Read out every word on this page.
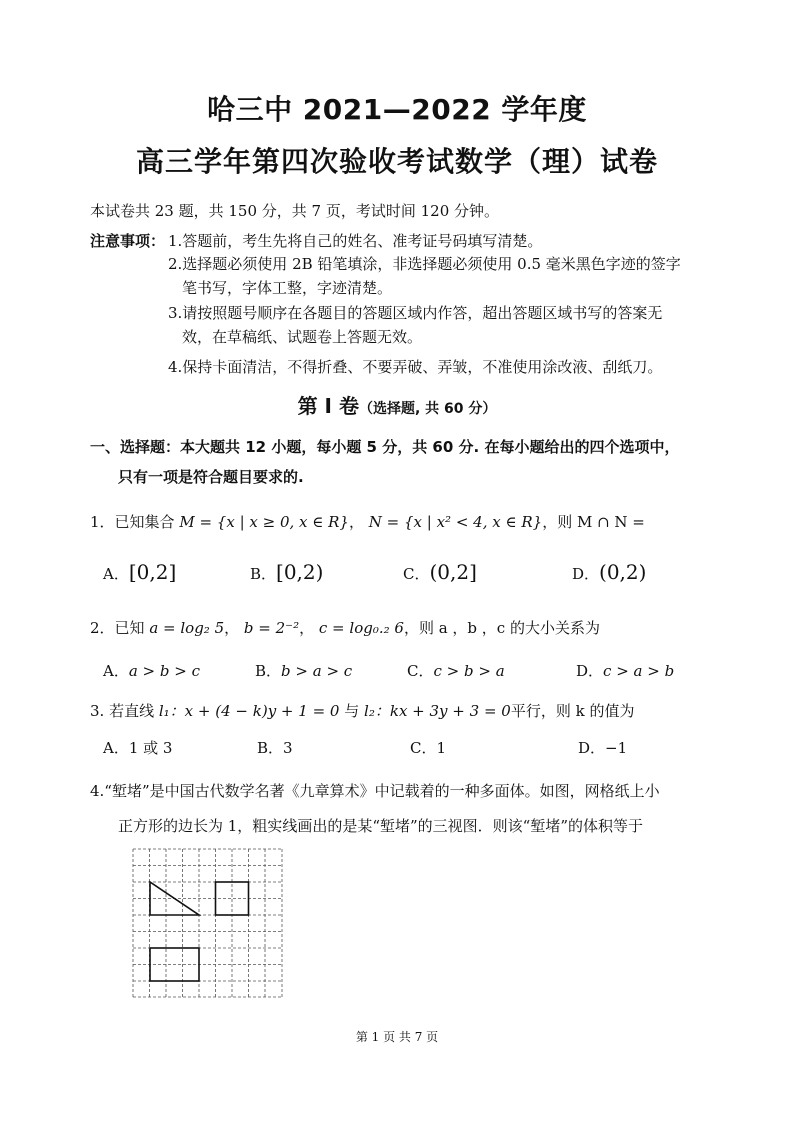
哈三中 2021—2022 学年度
高三学年第四次验收考试数学（理）试卷
本试卷共 23 题，共 150 分，共 7 页，考试时间 120 分钟。
注意事项： 1.答题前，考生先将自己的姓名、准考证号码填写清楚。
2.选择题必须使用 2B 铅笔填涂，非选择题必须使用 0.5 毫米黑色字迹的签字
笔书写，字体工整，字迹清楚。
3.请按照题号顺序在各题目的答题区域内作答，超出答题区域书写的答案无
效，在草稿纸、试题卷上答题无效。
4.保持卡面清洁，不得折叠、不要弄破、弄皱，不准使用涂改液、刮纸刀。
第 I 卷（选择题, 共 60 分）
一、选择题：本大题共 12 小题，每小题 5 分，共 60 分. 在每小题给出的四个选项中，
只有一项是符合题目要求的.
1．已知集合 M = {x | x ≥ 0, x ∈ R}， N = {x | x² < 4, x ∈ R}，则 M ∩ N =
A．[0,2]	B．[0,2)	C．(0,2]	D．(0,2)
2．已知 a = log₂ 5， b = 2⁻²， c = log₀.₂ 6，则 a ，b ，c 的大小关系为
A．a > b > c	B．b > a > c	C．c > b > a	D．c > a > b
3. 若直线 l₁：x + (4 − k)y + 1 = 0 与 l₂：kx + 3y + 3 = 0平行，则 k 的值为
A．1 或 3	B．3	C．1	D．−1
4.“堑堵”是中国古代数学名著《九章算术》中记载着的一种多面体。如图，网格纸上小
正方形的边长为 1，粗实线画出的是某“堑堵”的三视图．则该“堑堵”的体积等于
第 1 页 共 7 页
